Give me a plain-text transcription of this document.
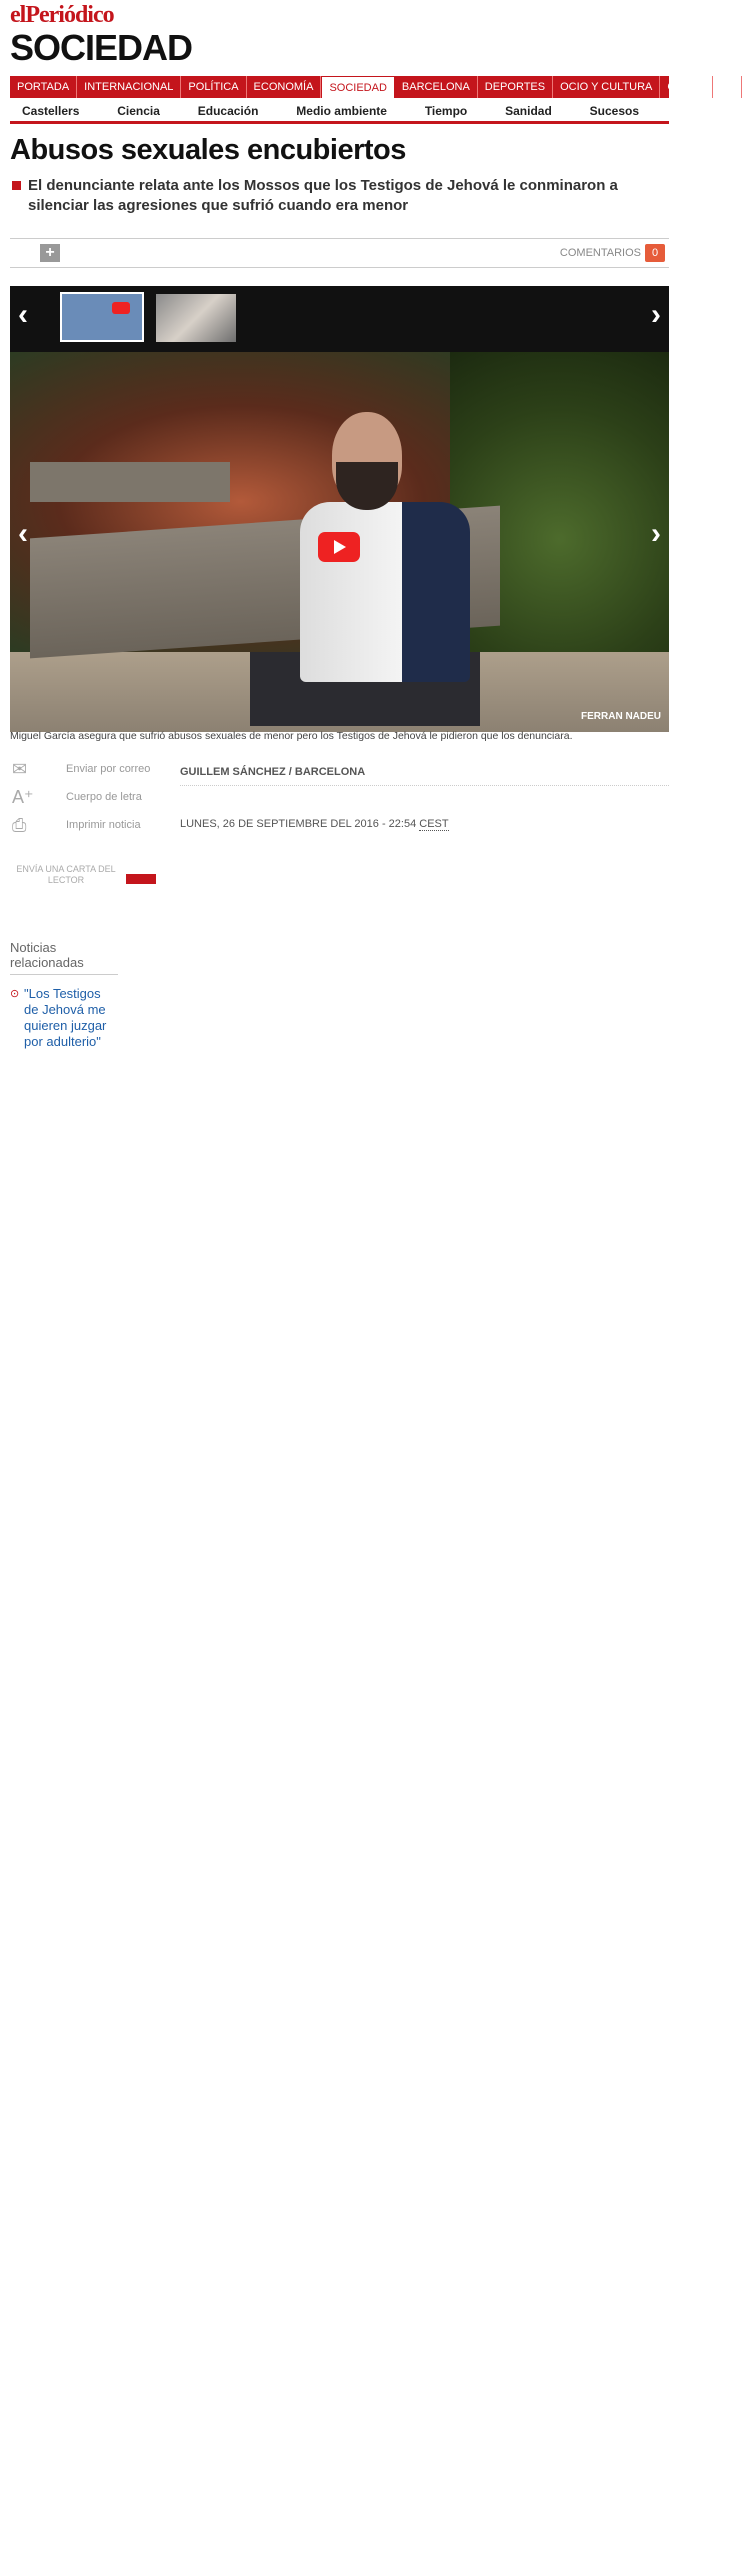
elPeriódico
SOCIEDAD
PORTADA	INTERNACIONAL	POLÍTICA	ECONOMÍA	SOCIEDAD	BARCELONA	DEPORTES	OCIO Y CULTURA	GENTE	TE
Castellers	Ciencia	Educación	Medio ambiente	Tiempo	Sanidad	Sucesos
Abusos sexuales encubiertos
El denunciante relata ante los Mossos que los Testigos de Jehová le conminaron a silenciar las agresiones que sufrió cuando era menor
+	COMENTARIOS 0
‹	›
‹	›
FERRAN NADEU
Miguel García asegura que sufrió abusos sexuales de menor pero los Testigos de Jehová le pidieron que los denunciara.
✉	Enviar por correo
A⁺	Cuerpo de letra
⎙	Imprimir noticia
ENVÍA UNA CARTA DEL LECTOR
Noticias relacionadas
⊙ "Los Testigos de Jehová me quieren juzgar por adulterio"
GUILLEM SÁNCHEZ / BARCELONA
LUNES, 26 DE SEPTIEMBRE DEL 2016 - 22:54 CEST
